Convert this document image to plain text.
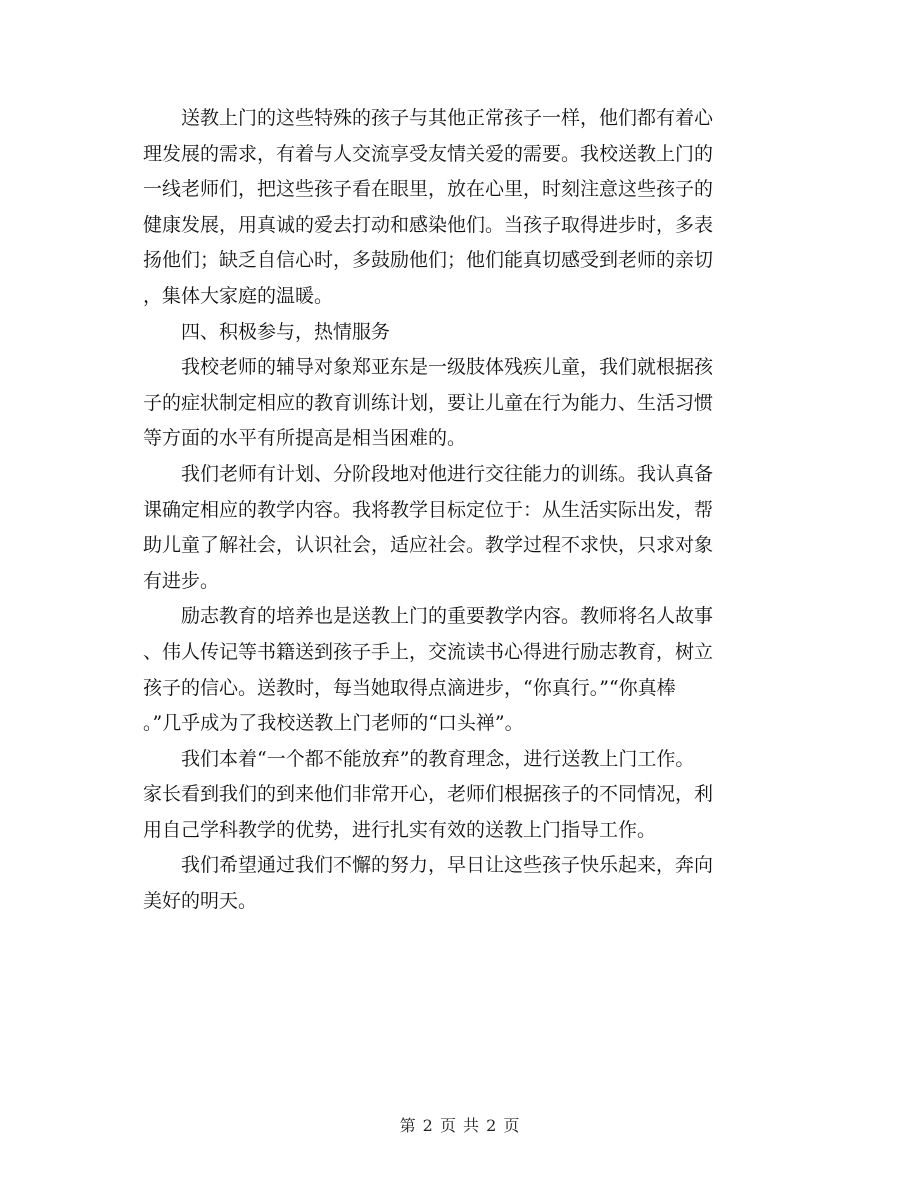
送教上门的这些特殊的孩子与其他正常孩子一样，他们都有着心
理发展的需求，有着与人交流享受友情关爱的需要。我校送教上门的
一线老师们，把这些孩子看在眼里，放在心里，时刻注意这些孩子的
健康发展，用真诚的爱去打动和感染他们。当孩子取得进步时，多表
扬他们；缺乏自信心时，多鼓励他们；他们能真切感受到老师的亲切
，集体大家庭的温暖。
四、积极参与，热情服务
我校老师的辅导对象郑亚东是一级肢体残疾儿童，我们就根据孩
子的症状制定相应的教育训练计划，要让儿童在行为能力、生活习惯
等方面的水平有所提高是相当困难的。
我们老师有计划、分阶段地对他进行交往能力的训练。我认真备
课确定相应的教学内容。我将教学目标定位于：从生活实际出发，帮
助儿童了解社会，认识社会，适应社会。教学过程不求快，只求对象
有进步。
励志教育的培养也是送教上门的重要教学内容。教师将名人故事
、伟人传记等书籍送到孩子手上，交流读书心得进行励志教育，树立
孩子的信心。送教时，每当她取得点滴进步，“你真行。”“你真棒
。”几乎成为了我校送教上门老师的“口头禅”。
我们本着“一个都不能放弃”的教育理念，进行送教上门工作。
家长看到我们的到来他们非常开心，老师们根据孩子的不同情况，利
用自己学科教学的优势，进行扎实有效的送教上门指导工作。
我们希望通过我们不懈的努力，早日让这些孩子快乐起来，奔向
美好的明天。
第 2 页 共 2 页
